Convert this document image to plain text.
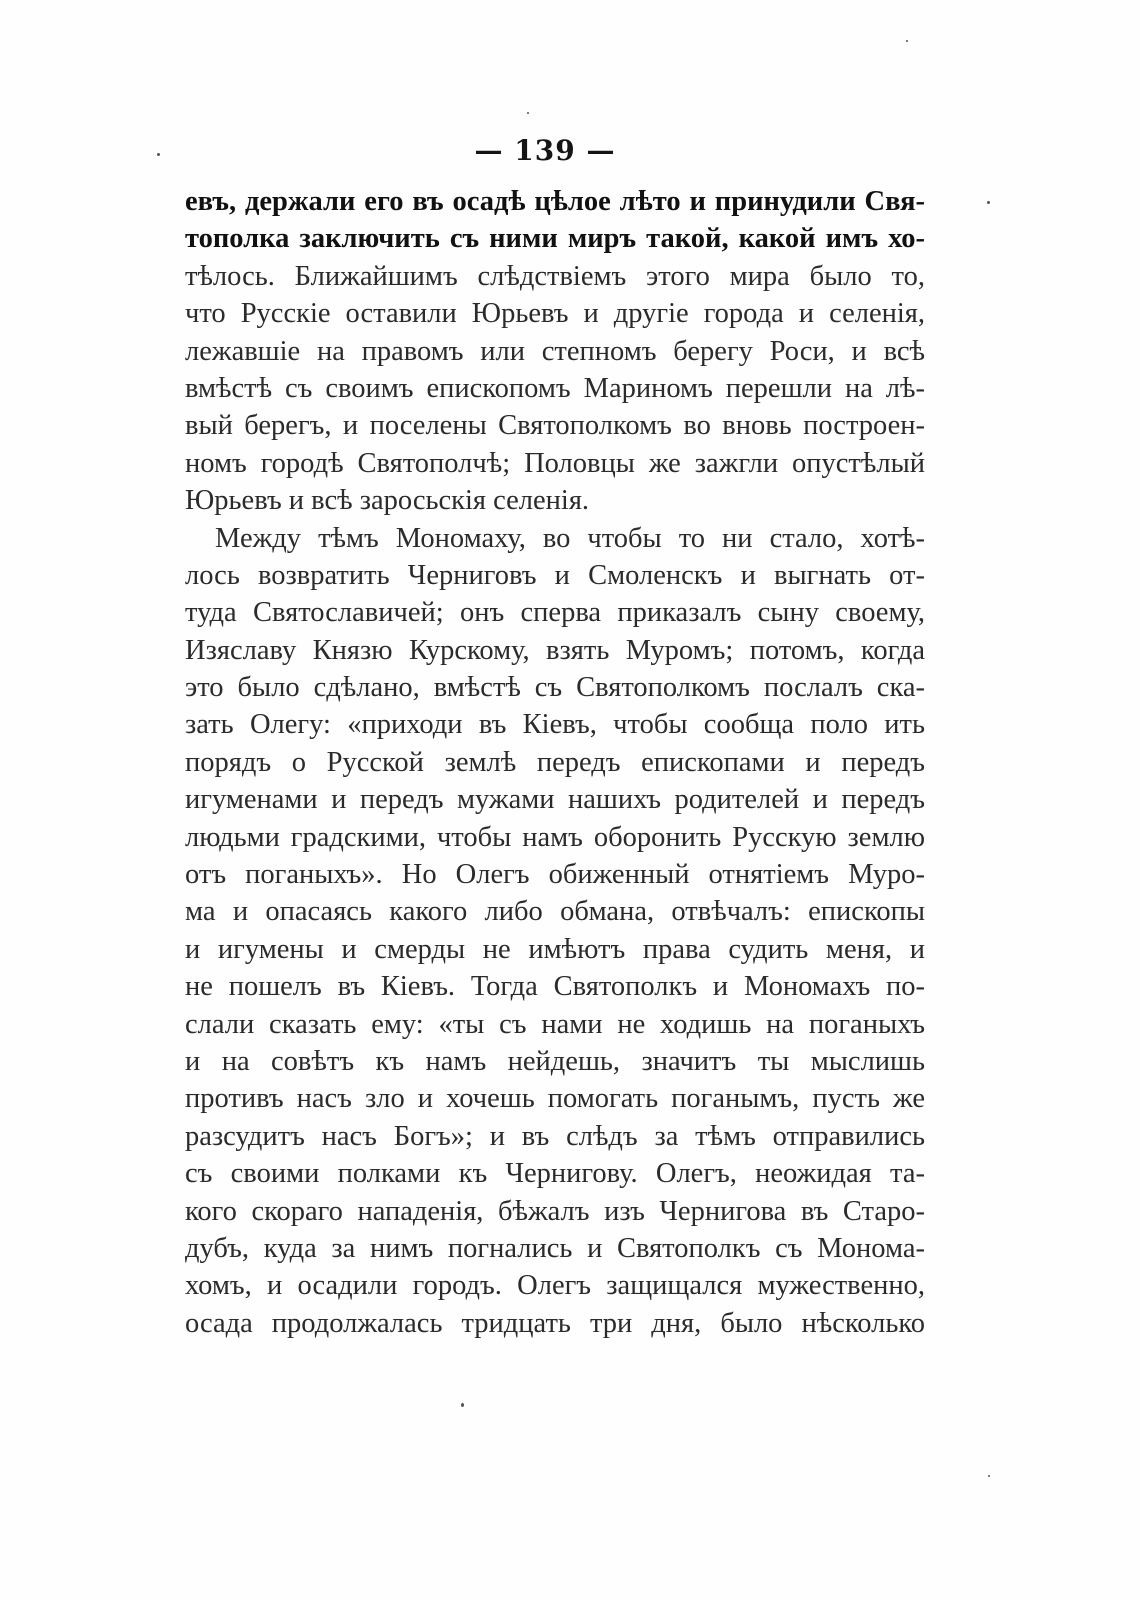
— 139 —
евъ, держали его въ осадѣ цѣлое лѣто и принудили Свя-
тополка заключить съ ними миръ такой, какой имъ хо-
тѣлось. Ближайшимъ слѣдствіемъ этого мира было то,
что Русскіе оставили Юрьевъ и другіе города и селенія,
лежавшіе на правомъ или степномъ берегу Роси, и всѣ
вмѣстѣ съ своимъ епископомъ Мариномъ перешли на лѣ-
вый берегъ, и поселены Святополкомъ во вновь построен-
номъ городѣ Святополчѣ; Половцы же зажгли опустѣлый
Юрьевъ и всѣ заросьскія селенія.
Между тѣмъ Мономаху, во чтобы то ни стало, хотѣ-
лось возвратить Черниговъ и Смоленскъ и выгнать от-
туда Святославичей; онъ сперва приказалъ сыну своему,
Изяславу Князю Курскому, взять Муромъ; потомъ, когда
это было сдѣлано, вмѣстѣ съ Святополкомъ послалъ ска-
зать Олегу: «приходи въ Кіевъ, чтобы сообща поло ить
порядъ о Русской землѣ передъ епископами и передъ
игуменами и передъ мужами нашихъ родителей и передъ
людьми градскими, чтобы намъ оборонить Русскую землю
отъ поганыхъ». Но Олегъ обиженный отнятіемъ Муро-
ма и опасаясь какого либо обмана, отвѣчалъ: епископы
и игумены и смерды не имѣютъ права судить меня, и
не пошелъ въ Кіевъ. Тогда Святополкъ и Мономахъ по-
слали сказать ему: «ты съ нами не ходишь на поганыхъ
и на совѣтъ къ намъ нейдешь, значитъ ты мыслишь
противъ насъ зло и хочешь помогать поганымъ, пусть же
разсудитъ насъ Богъ»; и въ слѣдъ за тѣмъ отправились
съ своими полками къ Чернигову. Олегъ, неожидая та-
кого скораго нападенія, бѣжалъ изъ Чернигова въ Старо-
дубъ, куда за нимъ погнались и Святополкъ съ Монома-
хомъ, и осадили городъ. Олегъ защищался мужественно,
осада продолжалась тридцать три дня, было нѣсколько
